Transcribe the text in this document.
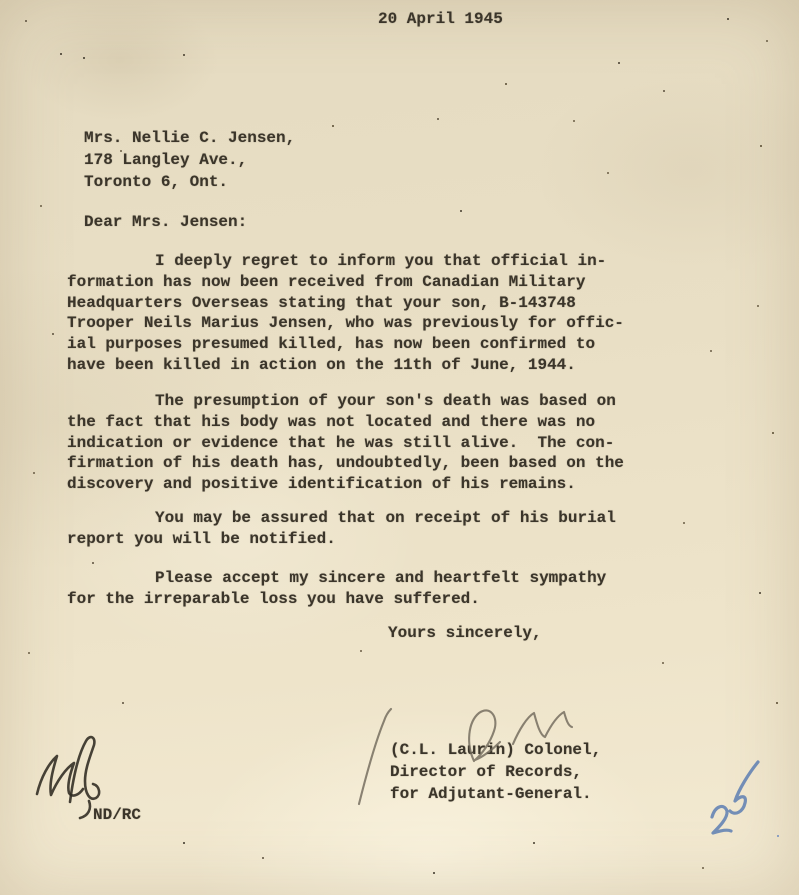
20 April 1945
Mrs. Nellie C. Jensen,
178 Langley Ave.,
Toronto 6, Ont.
Dear Mrs. Jensen:
I deeply regret to inform you that official in-
formation has now been received from Canadian Military
Headquarters Overseas stating that your son, B-143748
Trooper Neils Marius Jensen, who was previously for offic-
ial purposes presumed killed, has now been confirmed to
have been killed in action on the 11th of June, 1944.
The presumption of your son's death was based on
the fact that his body was not located and there was no
indication or evidence that he was still alive.  The con-
firmation of his death has, undoubtedly, been based on the
discovery and positive identification of his remains.
You may be assured that on receipt of his burial
report you will be notified.
Please accept my sincere and heartfelt sympathy
for the irreparable loss you have suffered.
Yours sincerely,
(C.L. Laurin) Colonel,
Director of Records,
for Adjutant-General.
ND/RC
